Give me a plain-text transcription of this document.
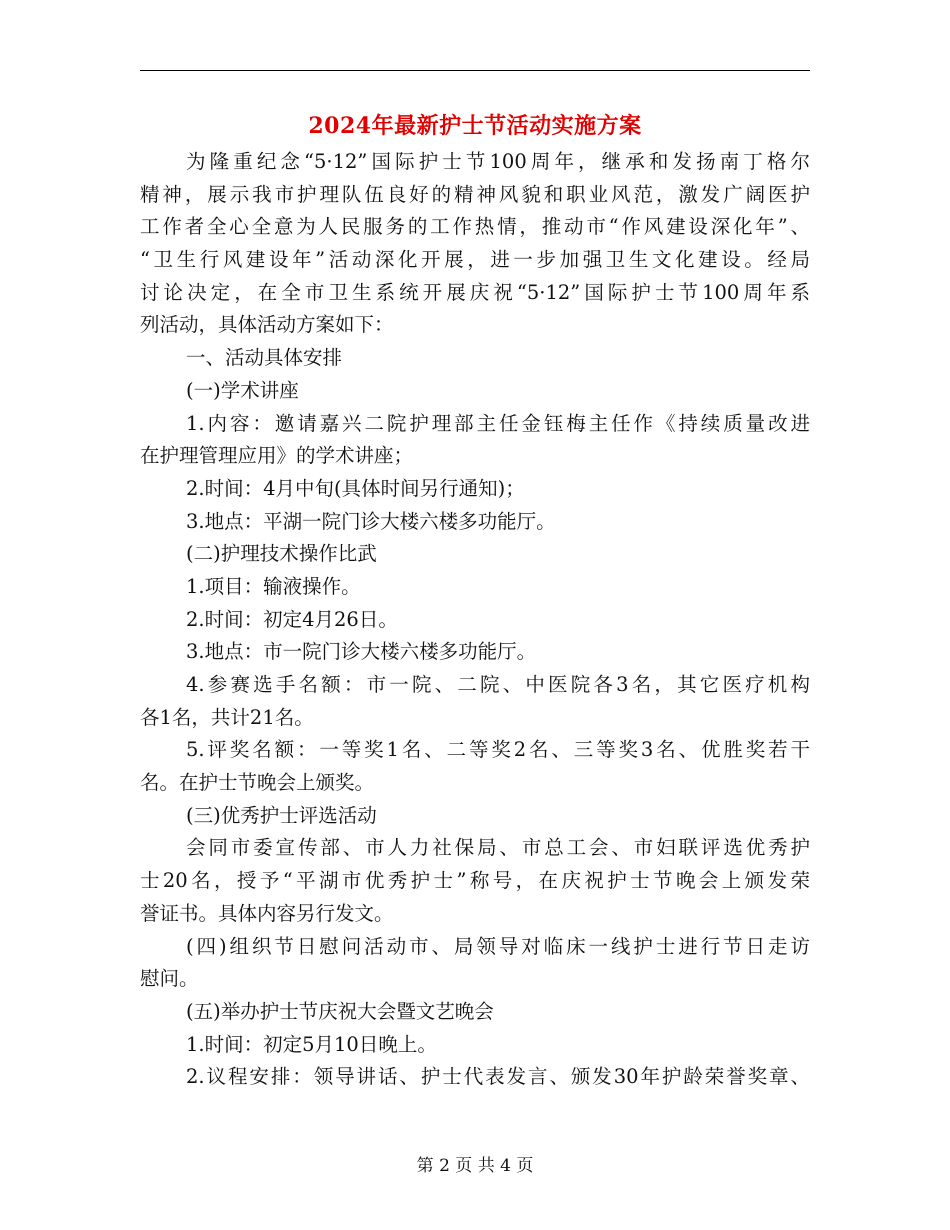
2024年最新护士节活动实施方案
为隆重纪念“5·12”国际护士节100周年，继承和发扬南丁格尔
精神，展示我市护理队伍良好的精神风貌和职业风范，激发广阔医护
工作者全心全意为人民服务的工作热情，推动市“作风建设深化年”、
“卫生行风建设年”活动深化开展，进一步加强卫生文化建设。经局
讨论决定，在全市卫生系统开展庆祝“5·12”国际护士节100周年系
列活动，具体活动方案如下：
一、活动具体安排
(一)学术讲座
1.内容：邀请嘉兴二院护理部主任金钰梅主任作《持续质量改进
在护理管理应用》的学术讲座；
2.时间：4月中旬(具体时间另行通知)；
3.地点：平湖一院门诊大楼六楼多功能厅。
(二)护理技术操作比武
1.项目：输液操作。
2.时间：初定4月26日。
3.地点：市一院门诊大楼六楼多功能厅。
4.参赛选手名额：市一院、二院、中医院各3名，其它医疗机构
各1名，共计21名。
5.评奖名额：一等奖1名、二等奖2名、三等奖3名、优胜奖若干
名。在护士节晚会上颁奖。
(三)优秀护士评选活动
会同市委宣传部、市人力社保局、市总工会、市妇联评选优秀护
士20名，授予“平湖市优秀护士”称号，在庆祝护士节晚会上颁发荣
誉证书。具体内容另行发文。
(四)组织节日慰问活动市、局领导对临床一线护士进行节日走访
慰问。
(五)举办护士节庆祝大会暨文艺晚会
1.时间：初定5月10日晚上。
2.议程安排：领导讲话、护士代表发言、颁发30年护龄荣誉奖章、
第 2 页 共 4 页
